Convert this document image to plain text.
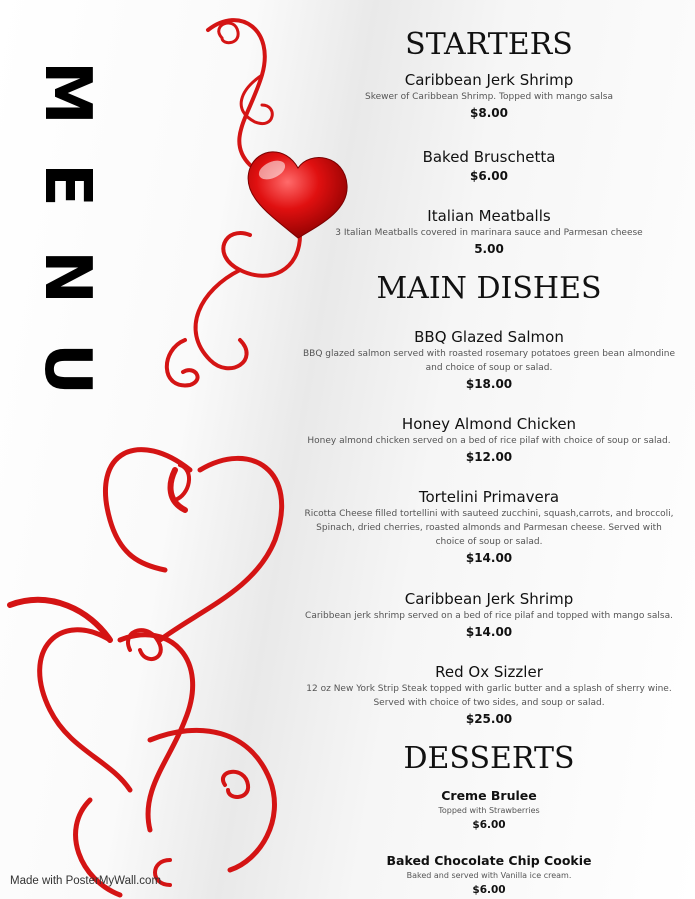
M
E
N
U
STARTERS
Caribbean Jerk Shrimp
Skewer of Caribbean Shrimp. Topped with mango salsa
$8.00
Baked Bruschetta
$6.00
Italian Meatballs
3 Italian Meatballs covered in marinara sauce and Parmesan cheese
5.00
MAIN DISHES
BBQ Glazed Salmon
BBQ glazed salmon served with roasted rosemary potatoes green bean almondine and choice of soup or salad.
$18.00
Honey Almond Chicken
Honey almond chicken served on a bed of rice pilaf with choice of soup or salad.
$12.00
Tortelini Primavera
Ricotta Cheese filled tortellini with sauteed zucchini, squash,carrots, and broccoli, Spinach, dried cherries, roasted almonds and Parmesan cheese. Served with choice of soup or salad.
$14.00
Caribbean Jerk Shrimp
Caribbean jerk shrimp served on a bed of rice pilaf and topped with mango salsa.
$14.00
Red Ox Sizzler
12 oz New York Strip Steak topped with garlic butter and a splash of sherry wine. Served with choice of two sides, and soup or salad.
$25.00
DESSERTS
Creme Brulee
Topped with Strawberries
$6.00
Baked Chocolate Chip Cookie
Baked and served with Vanilla ice cream.
$6.00
Made with PosterMyWall.com
